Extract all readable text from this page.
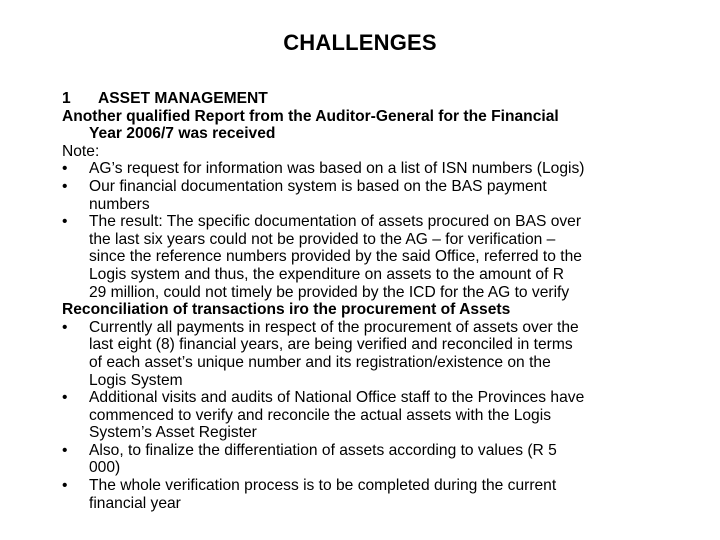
CHALLENGES

1 ASSET MANAGEMENT

Another qualified Report from the Auditor-General for the Financial

Year 2006/7 was received

Note:

• AG’s request for information was based on a list of ISN numbers (Logis)

• Our financial documentation system is based on the BAS payment

numbers

• The result: The specific documentation of assets procured on BAS over

the last six years could not be provided to the AG – for verification –

since the reference numbers provided by the said Office, referred to the

Logis system and thus, the expenditure on assets to the amount of R

29 million, could not timely be provided by the ICD for the AG to verify

Reconciliation of transactions iro the procurement of Assets

• Currently all payments in respect of the procurement of assets over the

last eight (8) financial years, are being verified and reconciled in terms

of each asset’s unique number and its registration/existence on the

Logis System

• Additional visits and audits of National Office staff to the Provinces have

commenced to verify and reconcile the actual assets with the Logis

System’s Asset Register

• Also, to finalize the differentiation of assets according to values (R 5

000)

• The whole verification process is to be completed during the current

financial year
